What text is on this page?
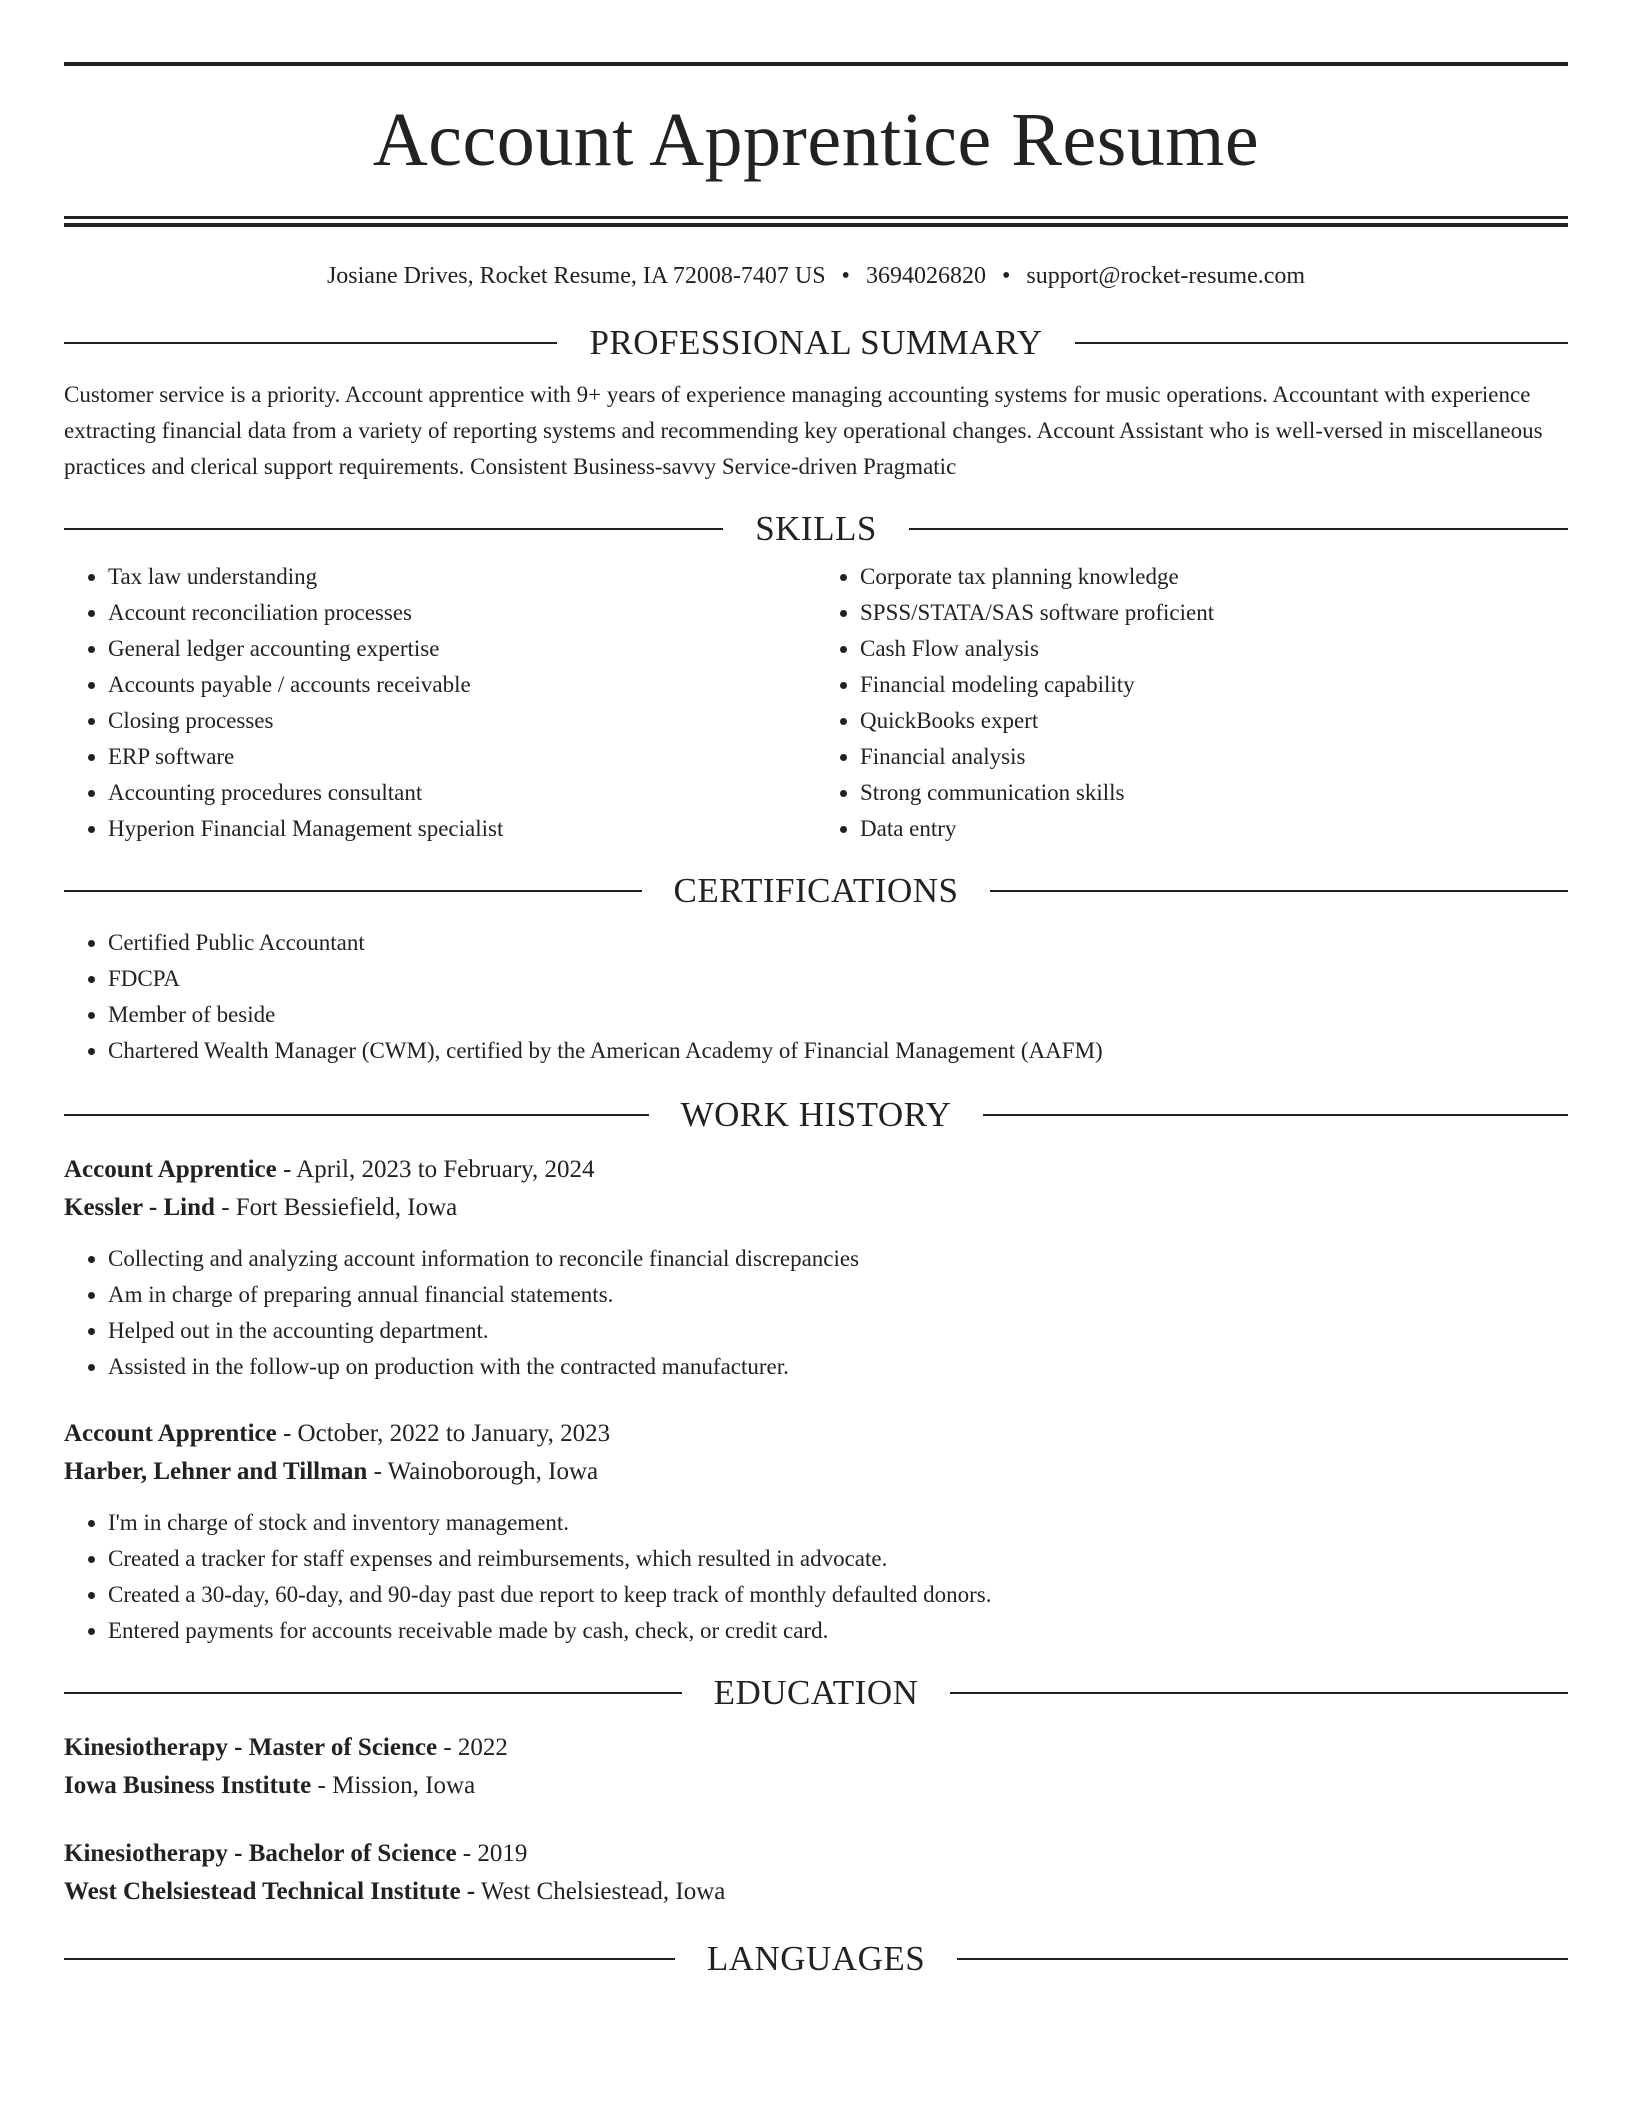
Account Apprentice Resume
Josiane Drives, Rocket Resume, IA 72008-7407 US • 3694026820 • support@rocket-resume.com
PROFESSIONAL SUMMARY

Customer service is a priority. Account apprentice with 9+ years of experience managing accounting systems for music operations. Accountant with experience extracting financial data from a variety of reporting systems and recommending key operational changes. Account Assistant who is well-versed in miscellaneous practices and clerical support requirements. Consistent Business-savvy Service-driven Pragmatic

SKILLS
• Tax law understanding
• Account reconciliation processes
• General ledger accounting expertise
• Accounts payable / accounts receivable
• Closing processes
• ERP software
• Accounting procedures consultant
• Hyperion Financial Management specialist
• Corporate tax planning knowledge
• SPSS/STATA/SAS software proficient
• Cash Flow analysis
• Financial modeling capability
• QuickBooks expert
• Financial analysis
• Strong communication skills
• Data entry
CERTIFICATIONS
• Certified Public Accountant
• FDCPA
• Member of beside
• Chartered Wealth Manager (CWM), certified by the American Academy of Financial Management (AAFM)
WORK HISTORY
Account Apprentice - April, 2023 to February, 2024
Kessler - Lind - Fort Bessiefield, Iowa
• Collecting and analyzing account information to reconcile financial discrepancies
• Am in charge of preparing annual financial statements.
• Helped out in the accounting department.
• Assisted in the follow-up on production with the contracted manufacturer.
Account Apprentice - October, 2022 to January, 2023
Harber, Lehner and Tillman - Wainoborough, Iowa
• I'm in charge of stock and inventory management.
• Created a tracker for staff expenses and reimbursements, which resulted in advocate.
• Created a 30-day, 60-day, and 90-day past due report to keep track of monthly defaulted donors.
• Entered payments for accounts receivable made by cash, check, or credit card.
EDUCATION
Kinesiotherapy - Master of Science - 2022
Iowa Business Institute - Mission, Iowa
Kinesiotherapy - Bachelor of Science - 2019
West Chelsiestead Technical Institute - West Chelsiestead, Iowa
LANGUAGES
